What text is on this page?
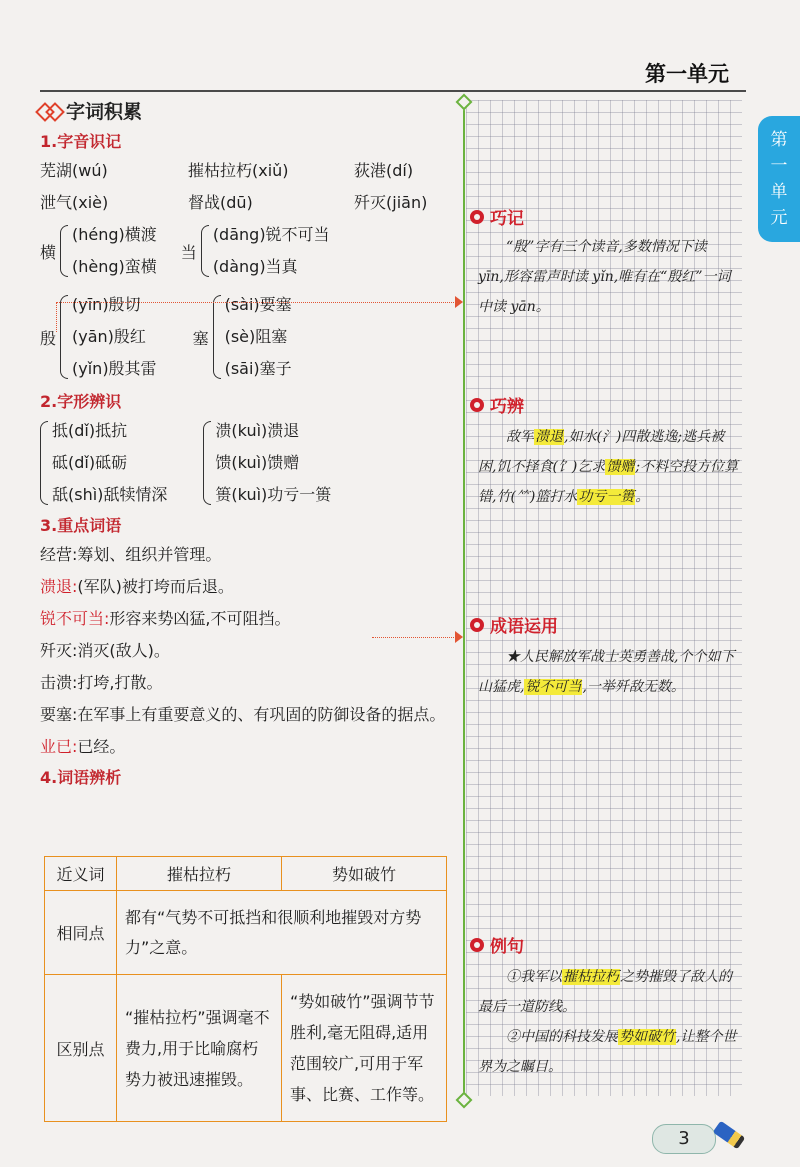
第一单元
第
一
单
元
字词积累
1.字音识记
芜湖(wú)	摧枯拉朽(xiǔ)	荻港(dí)
泄气(xiè)	督战(dū)	歼灭(jiān)
横
(héng)横渡
(hèng)蛮横
当
(dāng)锐不可当
(dàng)当真
殷
(yīn)殷切
(yān)殷红
(yǐn)殷其雷
塞
(sài)要塞
(sè)阻塞
(sāi)塞子
2.字形辨识
抵(dǐ)抵抗
砥(dǐ)砥砺
舐(shì)舐犊情深
溃(kuì)溃退
馈(kuì)馈赠
篑(kuì)功亏一篑
3.重点词语
经营:筹划、组织并管理。
溃退:(军队)被打垮而后退。
锐不可当:形容来势凶猛,不可阻挡。
歼灭:消灭(敌人)。
击溃:打垮,打散。
要塞:在军事上有重要意义的、有巩固的防御设备的据点。
业已:已经。
4.词语辨析
近义词	摧枯拉朽	势如破竹
相同点	都有“气势不可抵挡和很顺利地摧毁对方势力”之意。	
区别点	“摧枯拉朽”强调毫不费力,用于比喻腐朽势力被迅速摧毁。	“势如破竹”强调节节胜利,毫无阻碍,适用范围较广,可用于军事、比赛、工作等。
巧记
“殷”字有三个读音,多数情况下读 yīn,形容雷声时读 yǐn,唯有在“殷红”一词中读 yān。
巧辨
敌军溃退,如水(氵)四散逃逸;逃兵被困,饥不择食(饣)乞求馈赠;不料空投方位算错,竹(⺮)篮打水功亏一篑。
成语运用
★人民解放军战士英勇善战,个个如下山猛虎,锐不可当,一举歼敌无数。
例句
①我军以摧枯拉朽之势摧毁了敌人的最后一道防线。
②中国的科技发展势如破竹,让整个世界为之瞩目。
3
